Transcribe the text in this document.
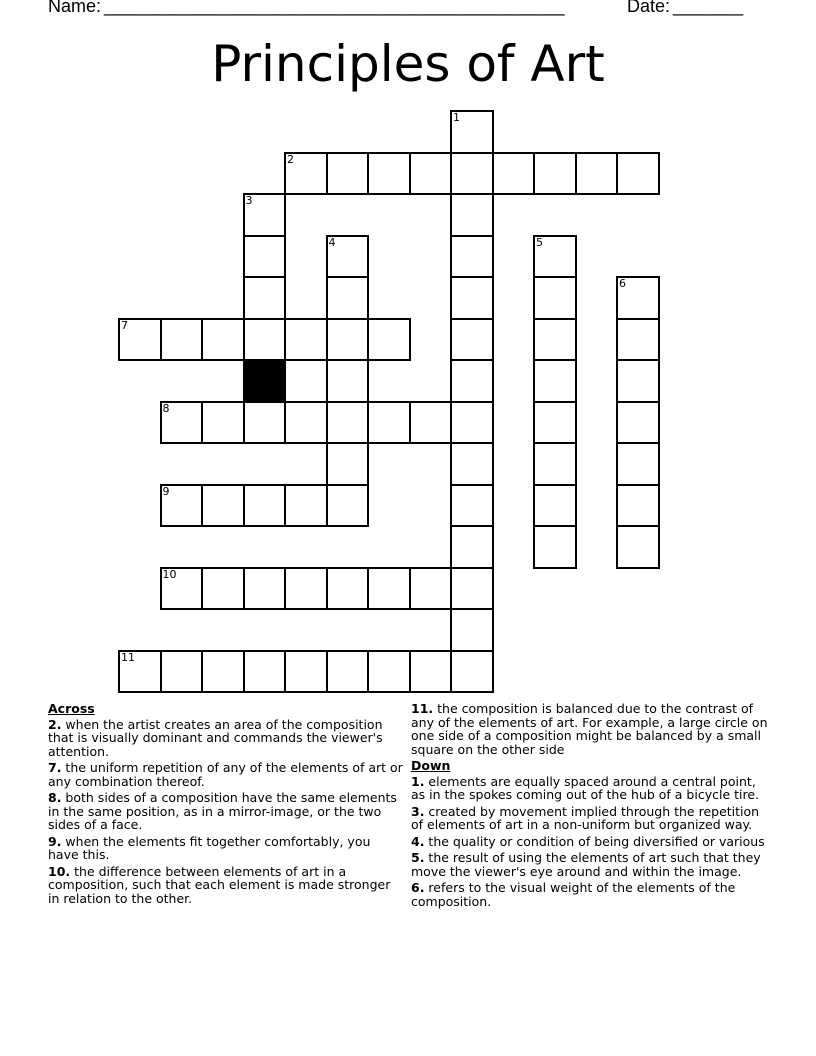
Name: ______________________________________________	Date: _______
Principles of Art
1
2
3
4	5
6
7
8
9
10
11
Across
2. when the artist creates an area of the composition that is visually dominant and commands the viewer's attention.
7. the uniform repetition of any of the elements of art or any combination thereof.
8. both sides of a composition have the same elements in the same position, as in a mirror-image, or the two sides of a face.
9. when the elements fit together comfortably, you have this.
10. the difference between elements of art in a composition, such that each element is made stronger in relation to the other.
11. the composition is balanced due to the contrast of any of the elements of art. For example, a large circle on one side of a composition might be balanced by a small square on the other side
Down
1. elements are equally spaced around a central point, as in the spokes coming out of the hub of a bicycle tire.
3. created by movement implied through the repetition of elements of art in a non-uniform but organized way.
4. the quality or condition of being diversified or various
5. the result of using the elements of art such that they move the viewer's eye around and within the image.
6. refers to the visual weight of the elements of the composition.
